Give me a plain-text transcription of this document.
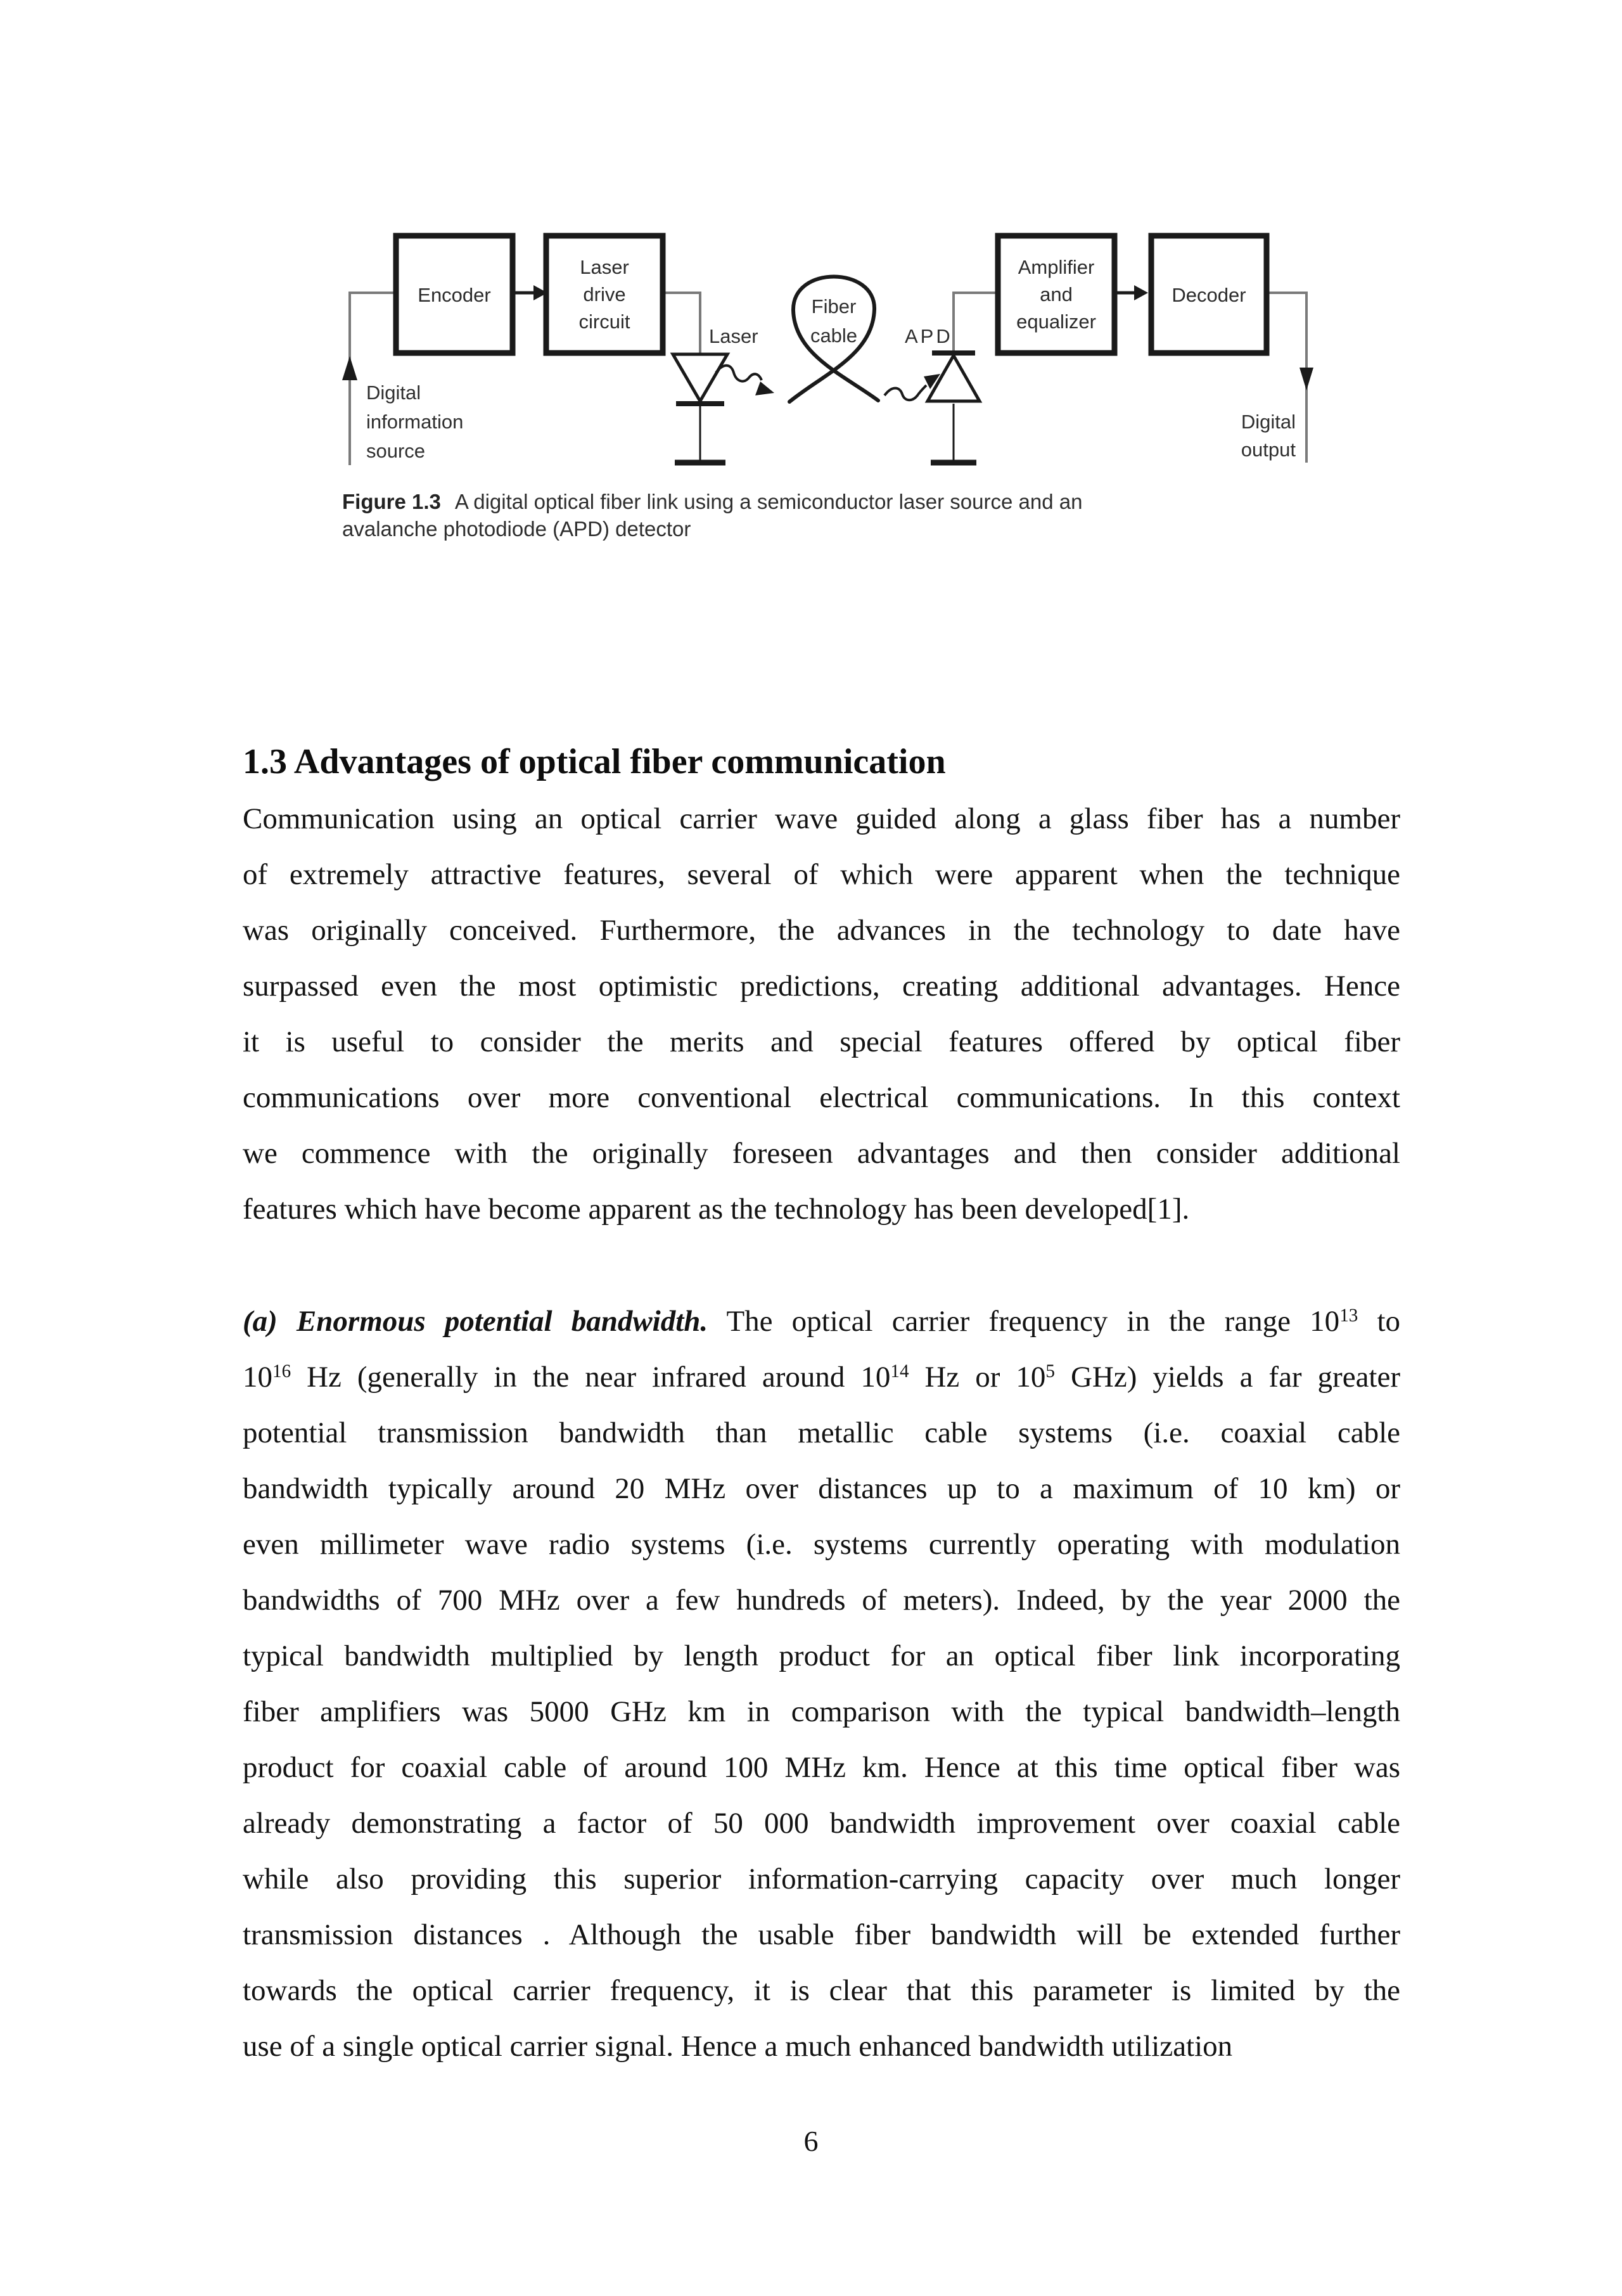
Encoder
Laser
drive
circuit
Amplifier
and
equalizer
Decoder
Laser
Fiber
cable APD
Digital
information
source
Digital
output
Figure 1.3 A digital optical fiber link using a semiconductor laser source and an
avalanche photodiode (APD) detector
1.3 Advantages of optical fiber communication
Communication using an optical carrier wave guided along a glass fiber has a number
of extremely attractive features, several of which were apparent when the technique
was originally conceived. Furthermore, the advances in the technology to date have
surpassed even the most optimistic predictions, creating additional advantages. Hence
it is useful to consider the merits and special features offered by optical fiber
communications over more conventional electrical communications. In this context
we commence with the originally foreseen advantages and then consider additional
features which have become apparent as the technology has been developed[1].
(a) Enormous potential bandwidth. The optical carrier frequency in the range $10^{13}$ to
$10^{16}$ Hz (generally in the near infrared around $10^{14}$ Hz or $10^5$ GHz) yields a far greater
potential transmission bandwidth than metallic cable systems (i.e. coaxial cable
bandwidth typically around 20 MHz over distances up to a maximum of 10 km) or
even millimeter wave radio systems (i.e. systems currently operating with modulation
bandwidths of 700 MHz over a few hundreds of meters). Indeed, by the year 2000 the
typical bandwidth multiplied by length product for an optical fiber link incorporating
fiber amplifiers was 5000 GHz km in comparison with the typical bandwidth–length
product for coaxial cable of around 100 MHz km. Hence at this time optical fiber was
already demonstrating a factor of 50 000 bandwidth improvement over coaxial cable
while also providing this superior information-carrying capacity over much longer
transmission distances . Although the usable fiber bandwidth will be extended further
towards the optical carrier frequency, it is clear that this parameter is limited by the
use of a single optical carrier signal. Hence a much enhanced bandwidth utilization
6
